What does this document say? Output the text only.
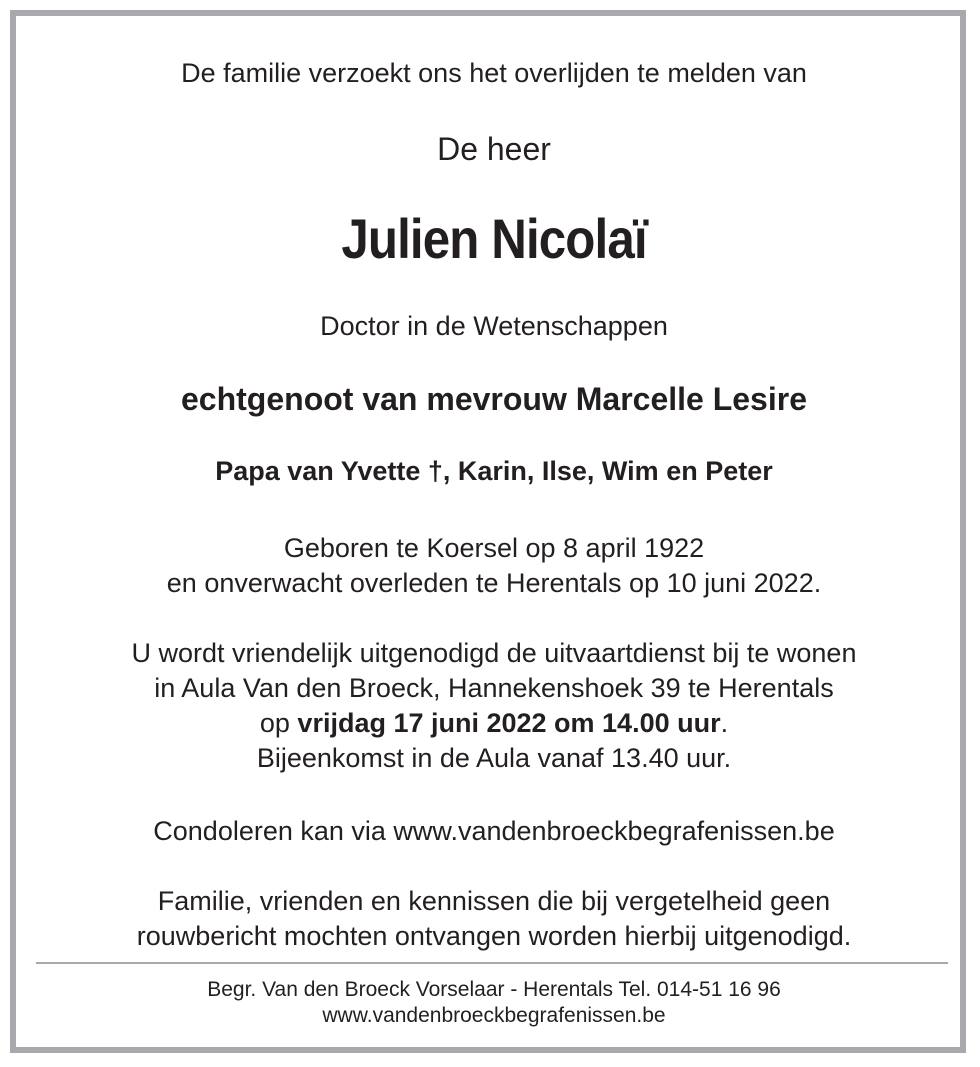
De familie verzoekt ons het overlijden te melden van
De heer
Julien Nicolaï
Doctor in de Wetenschappen
echtgenoot van mevrouw Marcelle Lesire
Papa van Yvette †, Karin, Ilse, Wim en Peter
Geboren te Koersel op 8 april 1922
en onverwacht overleden te Herentals op 10 juni 2022.
U wordt vriendelijk uitgenodigd de uitvaartdienst bij te wonen
in Aula Van den Broeck, Hannekenshoek 39 te Herentals
op vrijdag 17 juni 2022 om 14.00 uur.
Bijeenkomst in de Aula vanaf 13.40 uur.
Condoleren kan via www.vandenbroeckbegrafenissen.be
Familie, vrienden en kennissen die bij vergetelheid geen
rouwbericht mochten ontvangen worden hierbij uitgenodigd.
Begr. Van den Broeck Vorselaar - Herentals Tel. 014-51 16 96
www.vandenbroeckbegrafenissen.be
